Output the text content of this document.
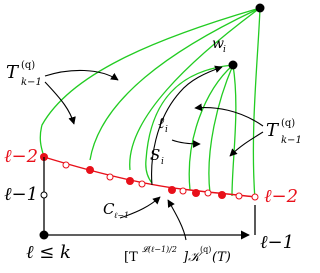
T (q)
k−1
T (q)
k−1
w i
ℓ i
S i
C ℓ−1
ℓ−2
ℓ−2
ℓ−1
ℓ−1
ℓ ≤ k	[T
𝓛(ℓ−1)/2
]𝒦
(q)
(T)
